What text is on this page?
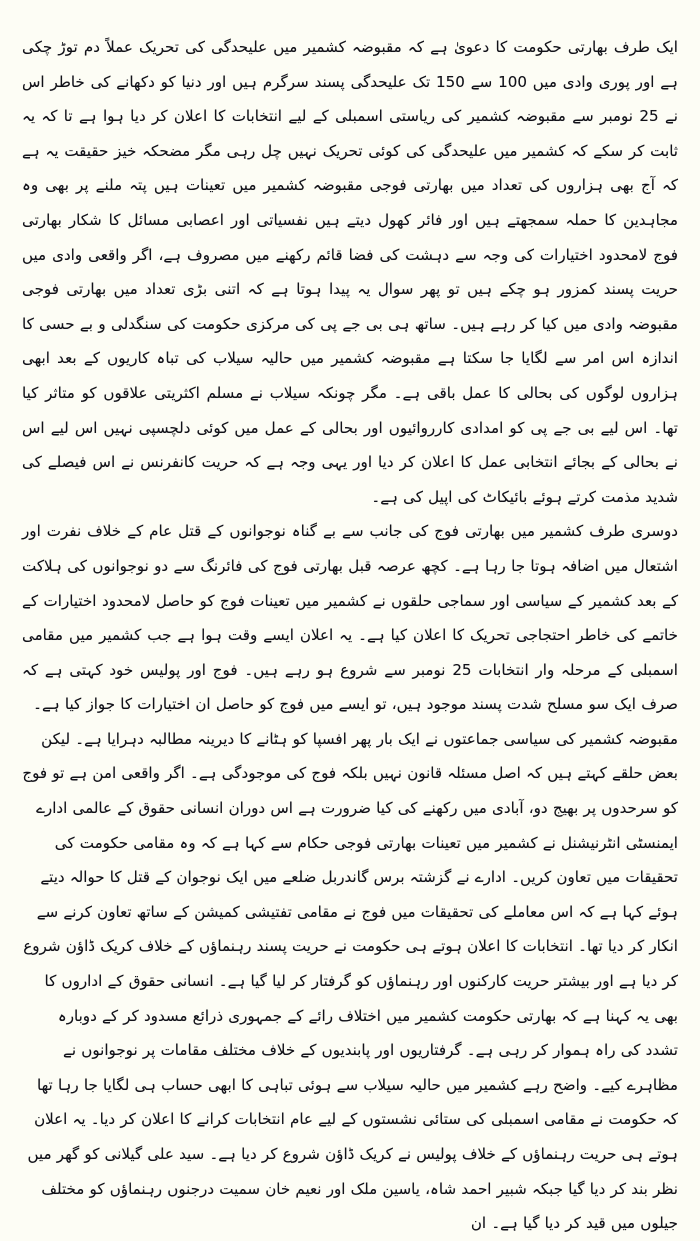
ایک طرف بھارتی حکومت کا دعویٰ ہے کہ مقبوضہ کشمیر میں علیحدگی کی تحریک عملاً دم توڑ چکی ہے اور پوری وادی میں 100 سے 150 تک علیحدگی پسند سرگرم ہیں اور دنیا کو دکھانے کی خاطر اس نے 25 نومبر سے مقبوضہ کشمیر کی ریاستی اسمبلی کے لیے انتخابات کا اعلان کر دیا ہوا ہے تا کہ یہ ثابت کر سکے کہ کشمیر میں علیحدگی کی کوئی تحریک نہیں چل رہی مگر مضحکہ خیز حقیقت یہ ہے کہ آج بھی ہزاروں کی تعداد میں بھارتی فوجی مقبوضہ کشمیر میں تعینات ہیں پتہ ملنے پر بھی وہ مجاہدین کا حملہ سمجھتے ہیں اور فائر کھول دیتے ہیں نفسیاتی اور اعصابی مسائل کا شکار بھارتی فوج لامحدود اختیارات کی وجہ سے دہشت کی فضا قائم رکھنے میں مصروف ہے، اگر واقعی وادی میں حریت پسند کمزور ہو چکے ہیں تو پھر سوال یہ پیدا ہوتا ہے کہ اتنی بڑی تعداد میں بھارتی فوجی مقبوضہ وادی میں کیا کر رہے ہیں۔ ساتھ ہی بی جے پی کی مرکزی حکومت کی سنگدلی و بے حسی کا اندازہ اس امر سے لگایا جا سکتا ہے مقبوضہ کشمیر میں حالیہ سیلاب کی تباہ کاریوں کے بعد ابھی ہزاروں لوگوں کی بحالی کا عمل باقی ہے۔ مگر چونکہ سیلاب نے مسلم اکثریتی علاقوں کو متاثر کیا تھا۔ اس لیے بی جے پی کو امدادی کارروائیوں اور بحالی کے عمل میں کوئی دلچسپی نہیں اس لیے اس نے بحالی کے بجائے انتخابی عمل کا اعلان کر دیا اور یہی وجہ ہے کہ حریت کانفرنس نے اس فیصلے کی شدید مذمت کرتے ہوئے بائیکاٹ کی اپیل کی ہے۔

دوسری طرف کشمیر میں بھارتی فوج کی جانب سے بے گناہ نوجوانوں کے قتل عام کے خلاف نفرت اور اشتعال میں اضافہ ہوتا جا رہا ہے۔ کچھ عرصہ قبل بھارتی فوج کی فائرنگ سے دو نوجوانوں کی ہلاکت کے بعد کشمیر کے سیاسی اور سماجی حلقوں نے کشمیر میں تعینات فوج کو حاصل لامحدود اختیارات کے خاتمے کی خاطر احتجاجی تحریک کا اعلان کیا ہے۔ یہ اعلان ایسے وقت ہوا ہے جب کشمیر میں مقامی اسمبلی کے مرحلہ وار انتخابات 25 نومبر سے شروع ہو رہے ہیں۔ فوج اور پولیس خود کہتی ہے کہ صرف ایک سو مسلح شدت پسند موجود ہیں، تو ایسے میں فوج کو حاصل ان اختیارات کا جواز کیا ہے۔

مقبوضہ کشمیر کی سیاسی جماعتوں نے ایک بار پھر افسپا کو ہٹانے کا دیرینہ مطالبہ دہرایا ہے۔ لیکن بعض حلقے کہتے ہیں کہ اصل مسئلہ قانون نہیں بلکہ فوج کی موجودگی ہے۔ اگر واقعی امن ہے تو فوج کو سرحدوں پر بھیج دو، آبادی میں رکھنے کی کیا ضرورت ہے اس دوران انسانی حقوق کے عالمی ادارے ایمنسٹی انٹرنیشنل نے کشمیر میں تعینات بھارتی فوجی حکام سے کہا ہے کہ وہ مقامی حکومت کی تحقیقات میں تعاون کریں۔ ادارے نے گزشتہ برس گاندربل ضلعے میں ایک نوجوان کے قتل کا حوالہ دیتے ہوئے کہا ہے کہ اس معاملے کی تحقیقات میں فوج نے مقامی تفتیشی کمیشن کے ساتھ تعاون کرنے سے انکار کر دیا تھا۔ انتخابات کا اعلان ہوتے ہی حکومت نے حریت پسند رہنماؤں کے خلاف کریک ڈاؤن شروع کر دیا ہے اور بیشتر حریت کارکنوں اور رہنماؤں کو گرفتار کر لیا گیا ہے۔ انسانی حقوق کے اداروں کا بھی یہ کہنا ہے کہ بھارتی حکومت کشمیر میں اختلاف رائے کے جمہوری ذرائع مسدود کر کے دوبارہ تشدد کی راہ ہموار کر رہی ہے۔ گرفتاریوں اور پابندیوں کے خلاف مختلف مقامات پر نوجوانوں نے مظاہرے کیے۔ واضح رہے کشمیر میں حالیہ سیلاب سے ہوئی تباہی کا ابھی حساب ہی لگایا جا رہا تھا کہ حکومت نے مقامی اسمبلی کی ستائی نشستوں کے لیے عام انتخابات کرانے کا اعلان کر دیا۔ یہ اعلان ہوتے ہی حریت رہنماؤں کے خلاف پولیس نے کریک ڈاؤن شروع کر دیا ہے۔ سید علی گیلانی کو گھر میں نظر بند کر دیا گیا جبکہ شبیر احمد شاہ، یاسین ملک اور نعیم خان سمیت درجنوں رہنماؤں کو مختلف جیلوں میں قید کر دیا گیا ہے۔ ان
